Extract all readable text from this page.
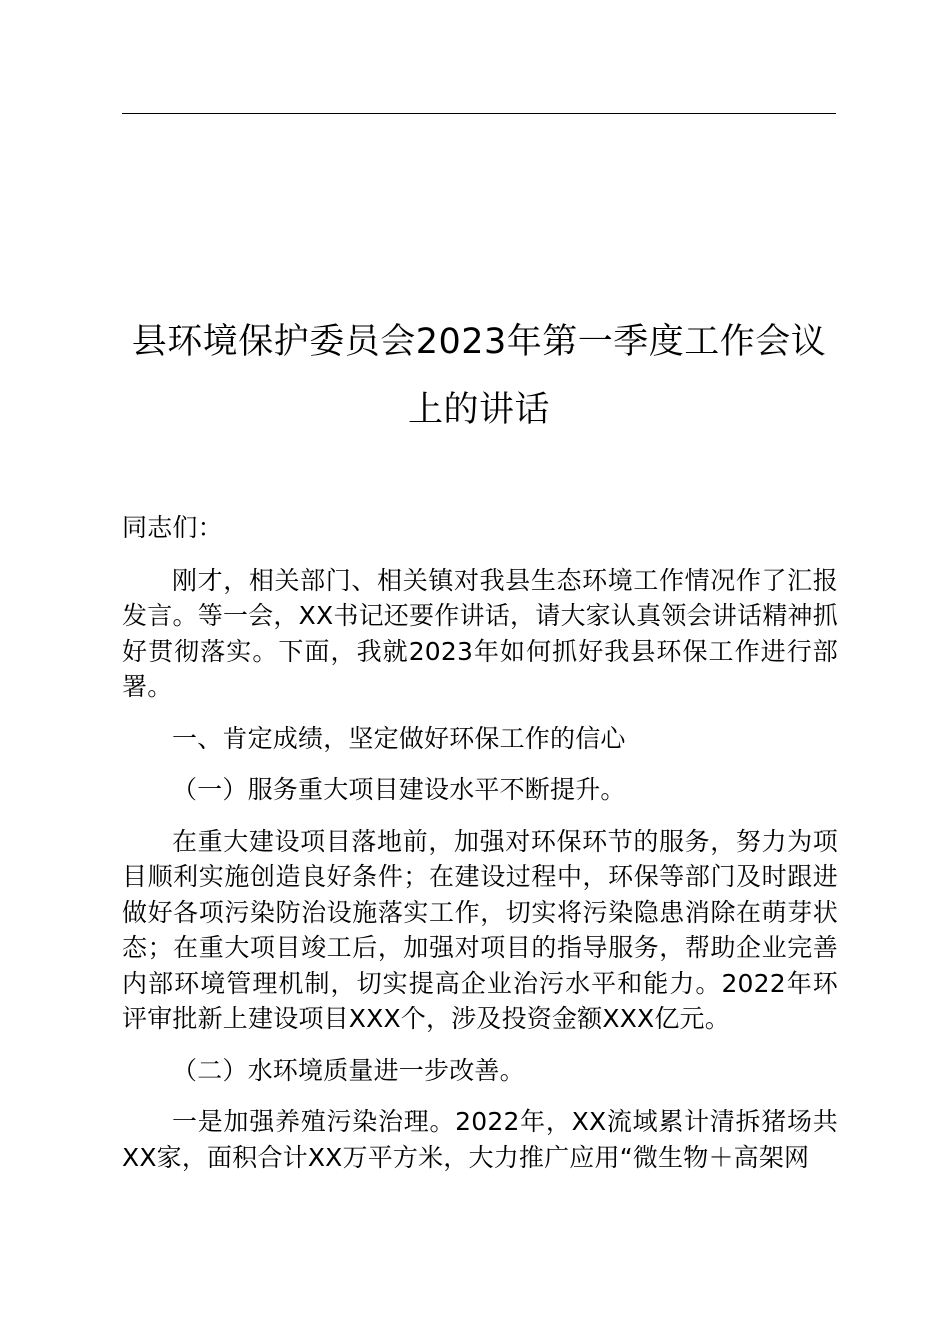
县环境保护委员会2023年第一季度工作会议
上的讲话

同志们：

刚才，相关部门、相关镇对我县生态环境工作情况作了汇报发言。等一会，XX书记还要作讲话，请大家认真领会讲话精神抓好贯彻落实。下面，我就2023年如何抓好我县环保工作进行部署。

一、肯定成绩，坚定做好环保工作的信心

（一）服务重大项目建设水平不断提升。

在重大建设项目落地前，加强对环保环节的服务，努力为项目顺利实施创造良好条件；在建设过程中，环保等部门及时跟进做好各项污染防治设施落实工作，切实将污染隐患消除在萌芽状态；在重大项目竣工后，加强对项目的指导服务，帮助企业完善内部环境管理机制，切实提高企业治污水平和能力。2022年环评审批新上建设项目XXX个，涉及投资金额XXX亿元。

（二）水环境质量进一步改善。

一是加强养殖污染治理。2022年，XX流域累计清拆猪场共XX家，面积合计XX万平方米，大力推广应用“微生物＋高架网
